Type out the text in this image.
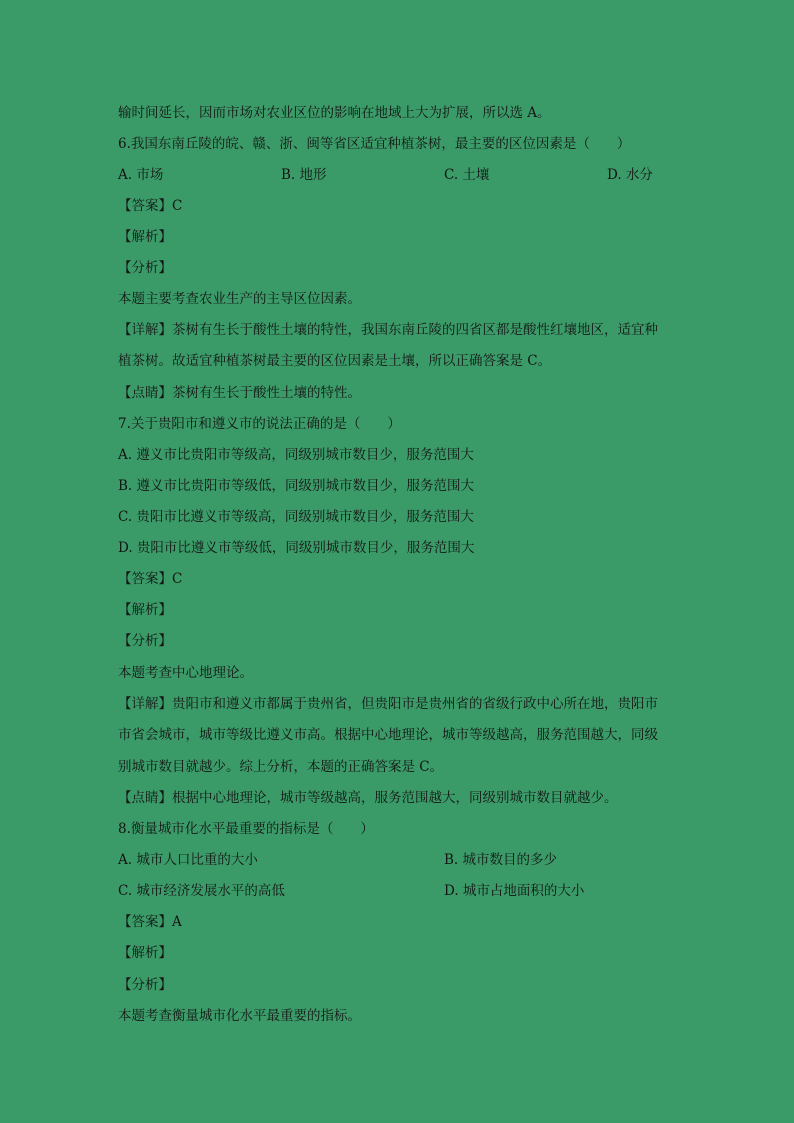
输时间延长，因而市场对农业区位的影响在地域上大为扩展，所以选 A。
6.我国东南丘陵的皖、赣、浙、闽等省区适宜种植茶树，最主要的区位因素是（　　）
A. 市场	B. 地形	C. 土壤	D. 水分
【答案】C
【解析】
【分析】
本题主要考查农业生产的主导区位因素。
【详解】茶树有生长于酸性土壤的特性，我国东南丘陵的四省区都是酸性红壤地区，适宜种
植茶树。故适宜种植茶树最主要的区位因素是土壤，所以正确答案是 C。
【点睛】茶树有生长于酸性土壤的特性。
7.关于贵阳市和遵义市的说法正确的是（　　）
A. 遵义市比贵阳市等级高，同级别城市数目少，服务范围大
B. 遵义市比贵阳市等级低，同级别城市数目少，服务范围大
C. 贵阳市比遵义市等级高，同级别城市数目少，服务范围大
D. 贵阳市比遵义市等级低，同级别城市数目少，服务范围大
【答案】C
【解析】
【分析】
本题考查中心地理论。
【详解】贵阳市和遵义市都属于贵州省，但贵阳市是贵州省的省级行政中心所在地，贵阳市
市省会城市，城市等级比遵义市高。根据中心地理论，城市等级越高，服务范围越大，同级
别城市数目就越少。综上分析，本题的正确答案是 C。
【点睛】根据中心地理论，城市等级越高，服务范围越大，同级别城市数目就越少。
8.衡量城市化水平最重要的指标是（　　）
A. 城市人口比重的大小	B. 城市数目的多少
C. 城市经济发展水平的高低	D. 城市占地面积的大小
【答案】A
【解析】
【分析】
本题考查衡量城市化水平最重要的指标。
